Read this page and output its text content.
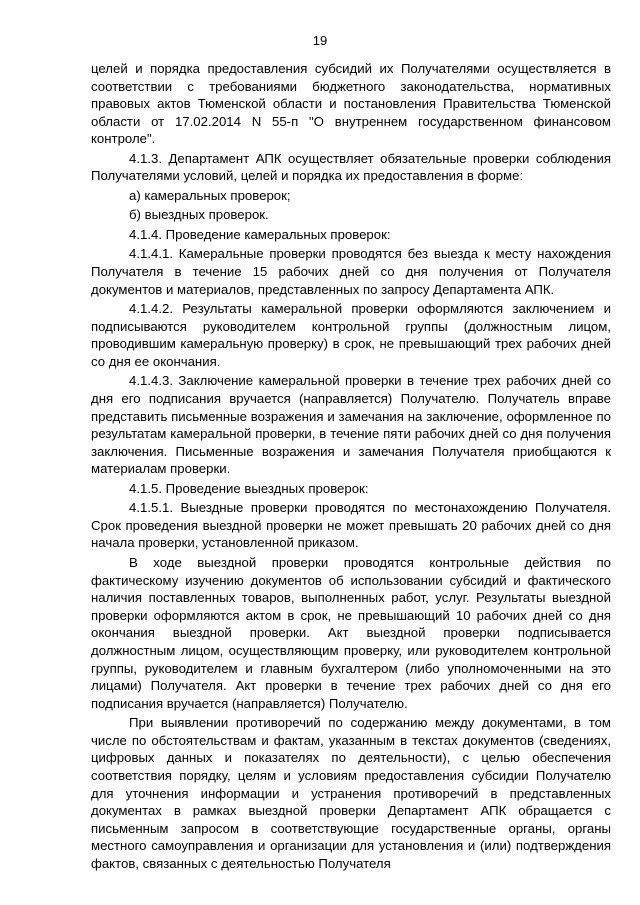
19

целей и порядка предоставления субсидий их Получателями осуществляется в соответствии с требованиями бюджетного законодательства, нормативных правовых актов Тюменской области и постановления Правительства Тюменской области от 17.02.2014 N 55-п "О внутреннем государственном финансовом контроле".

4.1.3. Департамент АПК осуществляет обязательные проверки соблюдения Получателями условий, целей и порядка их предоставления в форме:

а) камеральных проверок;

б) выездных проверок.

4.1.4. Проведение камеральных проверок:

4.1.4.1. Камеральные проверки проводятся без выезда к месту нахождения Получателя в течение 15 рабочих дней со дня получения от Получателя документов и материалов, представленных по запросу Департамента АПК.

4.1.4.2. Результаты камеральной проверки оформляются заключением и подписываются руководителем контрольной группы (должностным лицом, проводившим камеральную проверку) в срок, не превышающий трех рабочих дней со дня ее окончания.

4.1.4.3. Заключение камеральной проверки в течение трех рабочих дней со дня его подписания вручается (направляется) Получателю. Получатель вправе представить письменные возражения и замечания на заключение, оформленное по результатам камеральной проверки, в течение пяти рабочих дней со дня получения заключения. Письменные возражения и замечания Получателя приобщаются к материалам проверки.

4.1.5. Проведение выездных проверок:

4.1.5.1. Выездные проверки проводятся по местонахождению Получателя. Срок проведения выездной проверки не может превышать 20 рабочих дней со дня начала проверки, установленной приказом.

В ходе выездной проверки проводятся контрольные действия по фактическому изучению документов об использовании субсидий и фактического наличия поставленных товаров, выполненных работ, услуг. Результаты выездной проверки оформляются актом в срок, не превышающий 10 рабочих дней со дня окончания выездной проверки. Акт выездной проверки подписывается должностным лицом, осуществляющим проверку, или руководителем контрольной группы, руководителем и главным бухгалтером (либо уполномоченными на это лицами) Получателя. Акт проверки в течение трех рабочих дней со дня его подписания вручается (направляется) Получателю.

При выявлении противоречий по содержанию между документами, в том числе по обстоятельствам и фактам, указанным в текстах документов (сведениях, цифровых данных и показателях по деятельности), с целью обеспечения соответствия порядку, целям и условиям предоставления субсидии Получателю для уточнения информации и устранения противоречий в представленных документах в рамках выездной проверки Департамент АПК обращается с письменным запросом в соответствующие государственные органы, органы местного самоуправления и организации для установления и (или) подтверждения фактов, связанных с деятельностью Получателя
